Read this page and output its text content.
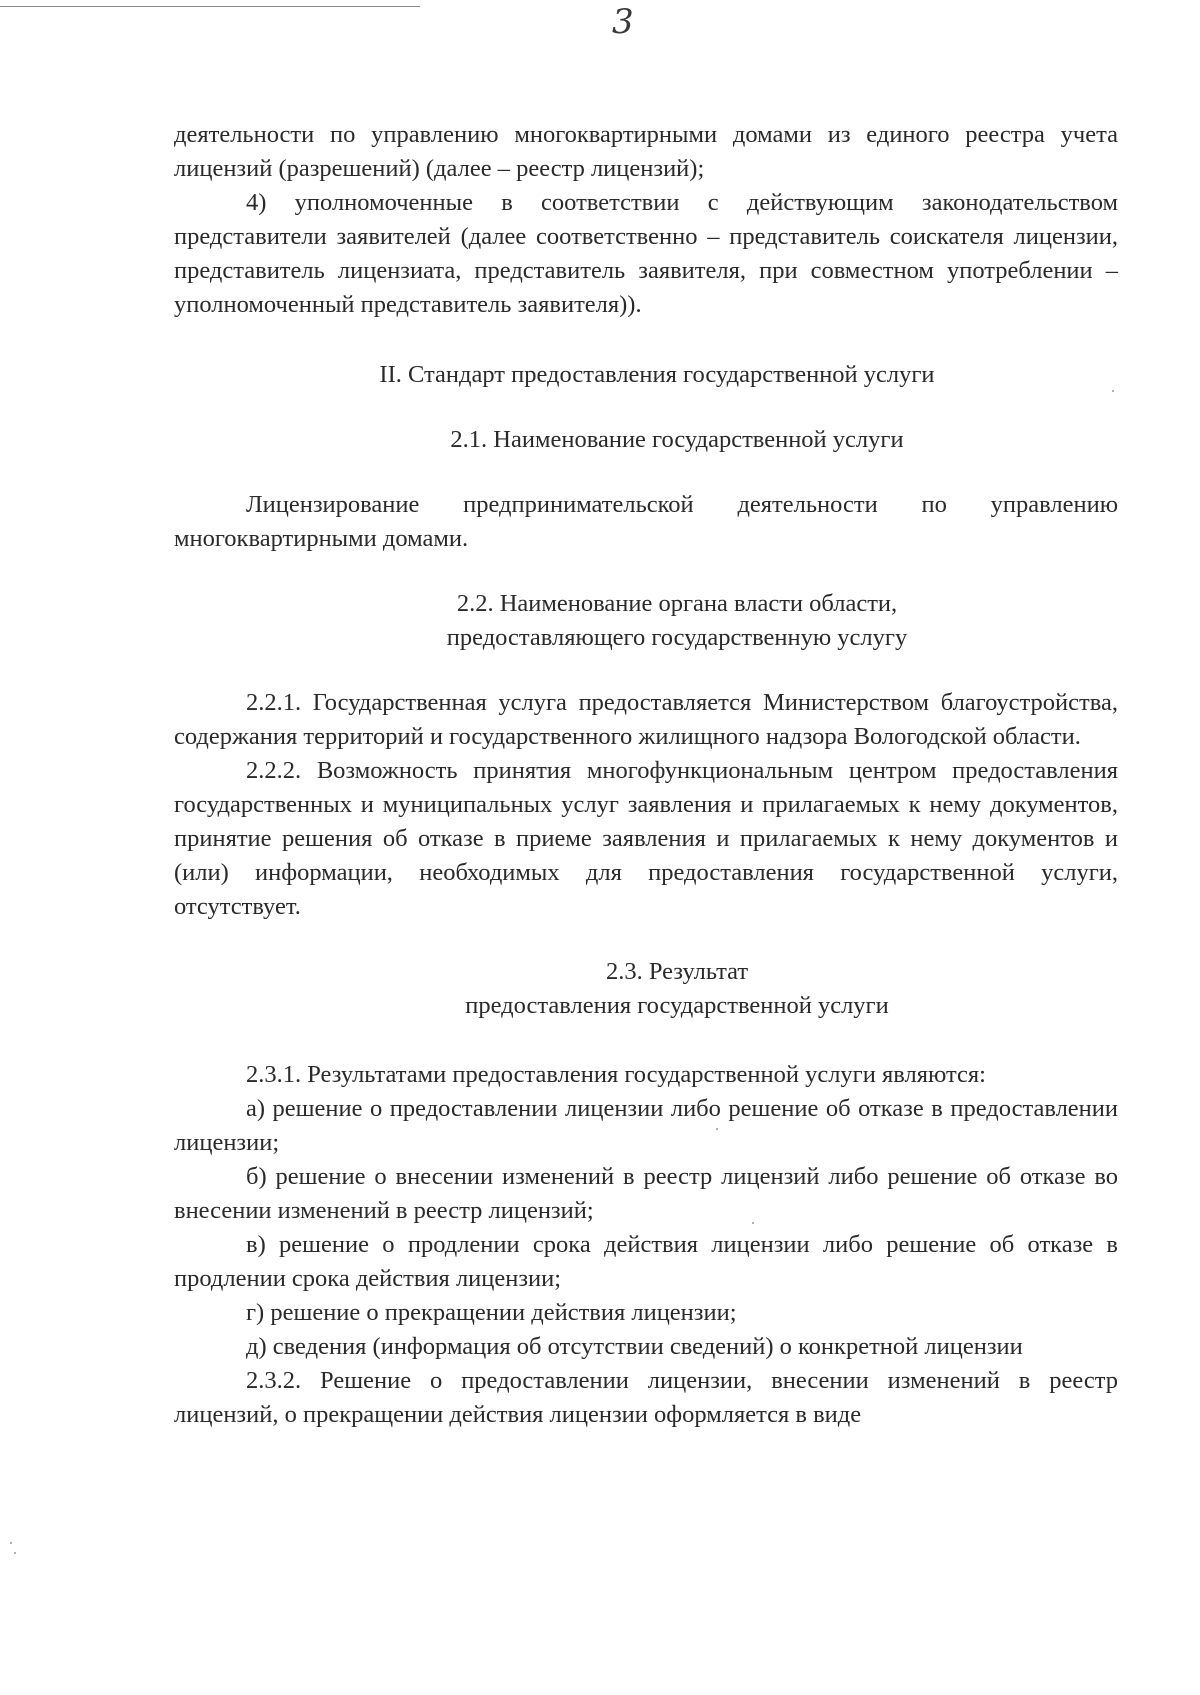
3

деятельности по управлению многоквартирными домами из единого реестра учета лицензий (разрешений) (далее – реестр лицензий);

4) уполномоченные в соответствии с действующим законодательством представители заявителей (далее соответственно – представитель соискателя лицензии, представитель лицензиата, представитель заявителя, при совместном употреблении – уполномоченный представитель заявителя)).

II. Стандарт предоставления государственной услуги
2.1. Наименование государственной услуги

Лицензирование предпринимательской деятельности по управлению многоквартирными домами.

2.2. Наименование органа власти области,
предоставляющего государственную услугу

2.2.1. Государственная услуга предоставляется Министерством благоустройства, содержания территорий и государственного жилищного надзора Вологодской области.

2.2.2. Возможность принятия многофункциональным центром предоставления государственных и муниципальных услуг заявления и прилагаемых к нему документов, принятие решения об отказе в приеме заявления и прилагаемых к нему документов и (или) информации, необходимых для предоставления государственной услуги, отсутствует.

2.3. Результат
предоставления государственной услуги

2.3.1. Результатами предоставления государственной услуги являются:

а) решение о предоставлении лицензии либо решение об отказе в предоставлении лицензии;

б) решение о внесении изменений в реестр лицензий либо решение об отказе во внесении изменений в реестр лицензий;

в) решение о продлении срока действия лицензии либо решение об отказе в продлении срока действия лицензии;

г) решение о прекращении действия лицензии;

д) сведения (информация об отсутствии сведений) о конкретной лицензии

2.3.2. Решение о предоставлении лицензии, внесении изменений в реестр лицензий, о прекращении действия лицензии оформляется в виде
